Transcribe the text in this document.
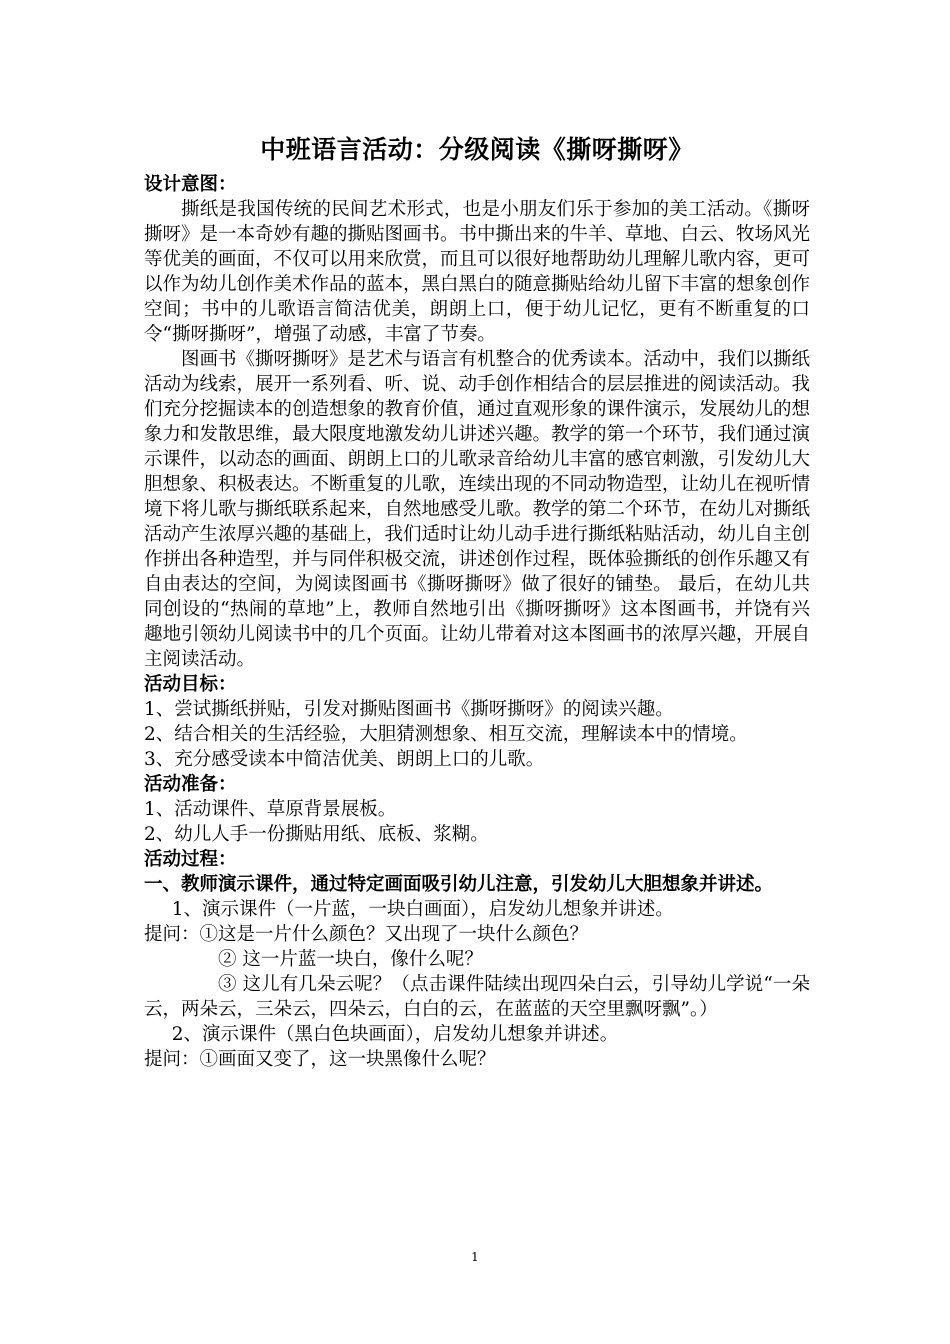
中班语言活动：分级阅读《撕呀撕呀》
设计意图：

撕纸是我国传统的民间艺术形式，也是小朋友们乐于参加的美工活动。《撕呀撕呀》是一本奇妙有趣的撕贴图画书。书中撕出来的牛羊、草地、白云、牧场风光等优美的画面，不仅可以用来欣赏，而且可以很好地帮助幼儿理解儿歌内容，更可以作为幼儿创作美术作品的蓝本，黑白黑白的随意撕贴给幼儿留下丰富的想象创作空间；书中的儿歌语言简洁优美，朗朗上口，便于幼儿记忆，更有不断重复的口令“撕呀撕呀”，增强了动感，丰富了节奏。

图画书《撕呀撕呀》是艺术与语言有机整合的优秀读本。活动中，我们以撕纸活动为线索，展开一系列看、听、说、动手创作相结合的层层推进的阅读活动。我们充分挖掘读本的创造想象的教育价值，通过直观形象的课件演示，发展幼儿的想象力和发散思维，最大限度地激发幼儿讲述兴趣。教学的第一个环节，我们通过演示课件，以动态的画面、朗朗上口的儿歌录音给幼儿丰富的感官刺激，引发幼儿大胆想象、积极表达。不断重复的儿歌，连续出现的不同动物造型，让幼儿在视听情境下将儿歌与撕纸联系起来，自然地感受儿歌。教学的第二个环节，在幼儿对撕纸活动产生浓厚兴趣的基础上，我们适时让幼儿动手进行撕纸粘贴活动，幼儿自主创作拼出各种造型，并与同伴积极交流，讲述创作过程，既体验撕纸的创作乐趣又有自由表达的空间，为阅读图画书《撕呀撕呀》做了很好的铺垫。 最后，在幼儿共同创设的“热闹的草地”上，教师自然地引出《撕呀撕呀》这本图画书，并饶有兴趣地引领幼儿阅读书中的几个页面。让幼儿带着对这本图画书的浓厚兴趣，开展自主阅读活动。

活动目标：

1、尝试撕纸拼贴，引发对撕贴图画书《撕呀撕呀》的阅读兴趣。

2、结合相关的生活经验，大胆猜测想象、相互交流，理解读本中的情境。

3、充分感受读本中简洁优美、朗朗上口的儿歌。

活动准备：

1、活动课件、草原背景展板。

2、幼儿人手一份撕贴用纸、底板、浆糊。

活动过程：

一、教师演示课件，通过特定画面吸引幼儿注意，引发幼儿大胆想象并讲述。

1、演示课件（一片蓝，一块白画面），启发幼儿想象并讲述。

提问：①这是一片什么颜色？又出现了一块什么颜色？

② 这一片蓝一块白，像什么呢？

③ 这儿有几朵云呢？（点击课件陆续出现四朵白云，引导幼儿学说“一朵云，两朵云，三朵云，四朵云，白白的云，在蓝蓝的天空里飘呀飘”。）

2、演示课件（黑白色块画面），启发幼儿想象并讲述。

提问：①画面又变了，这一块黑像什么呢？

1
